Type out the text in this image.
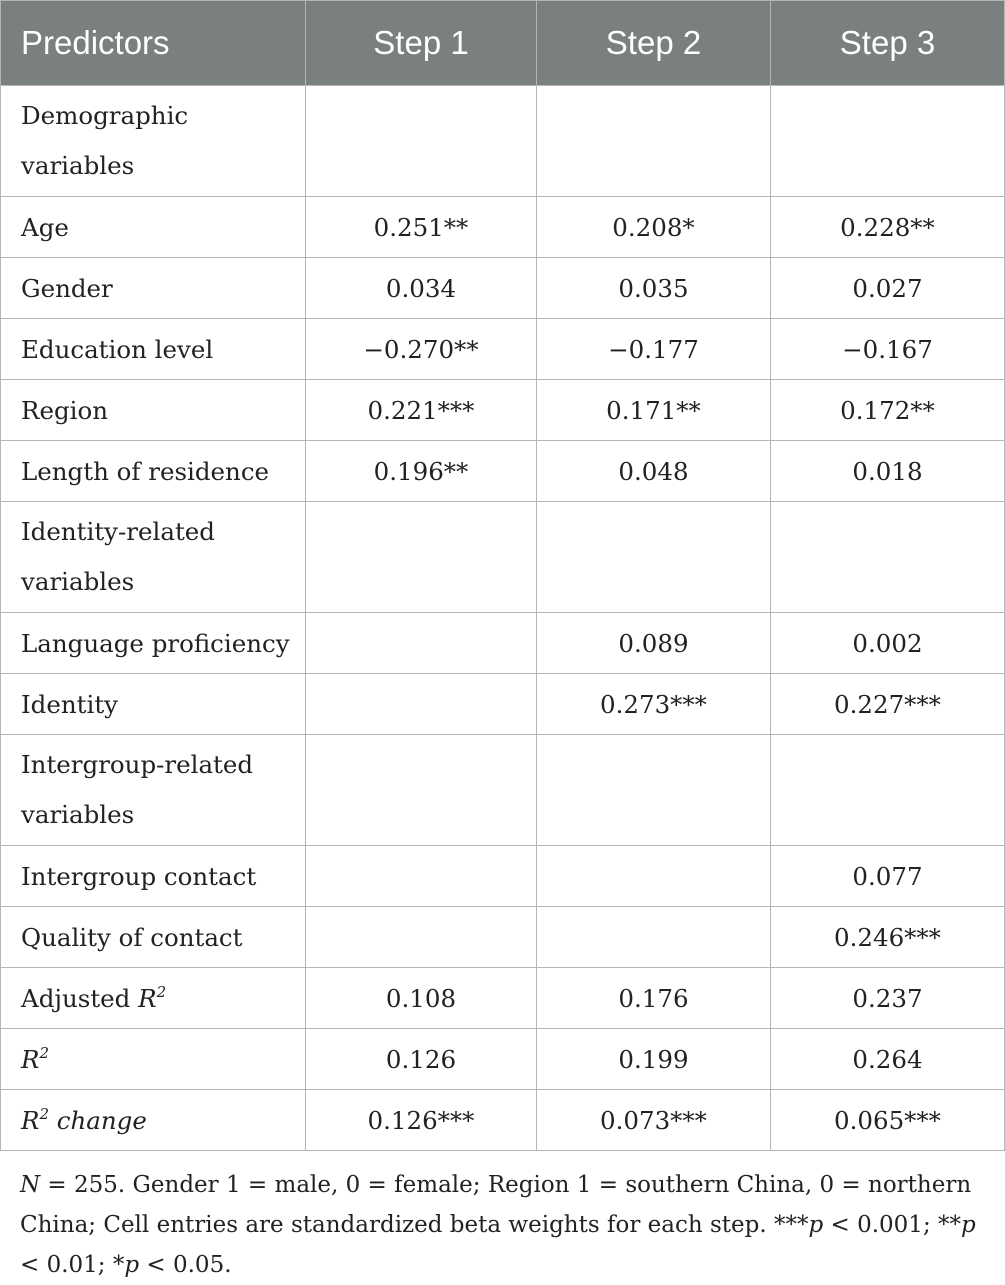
Predictors	Step 1	Step 2	Step 3

Demographic
variables			

Age	0.251**	0.208*	0.228**
Gender	0.034	0.035	0.027
Education level	−0.270**	−0.177	−0.167
Region	0.221***	0.171**	0.172**
Length of residence	0.196**	0.048	0.018

Identity-related
variables			

Language proficiency		0.089	0.002
Identity		0.273***	0.227***

Intergroup-related
variables			

Intergroup contact			0.077
Quality of contact			0.246***
Adjusted $R^2$	0.108	0.176	0.237
$R^2$	0.126	0.199	0.264
$R^2$ change	0.126***	0.073***	0.065***
N = 255. Gender 1 = male, 0 = female; Region 1 = southern China, 0 = northern China; Cell entries are standardized beta weights for each step. ***p < 0.001; **p < 0.01; *p < 0.05.
